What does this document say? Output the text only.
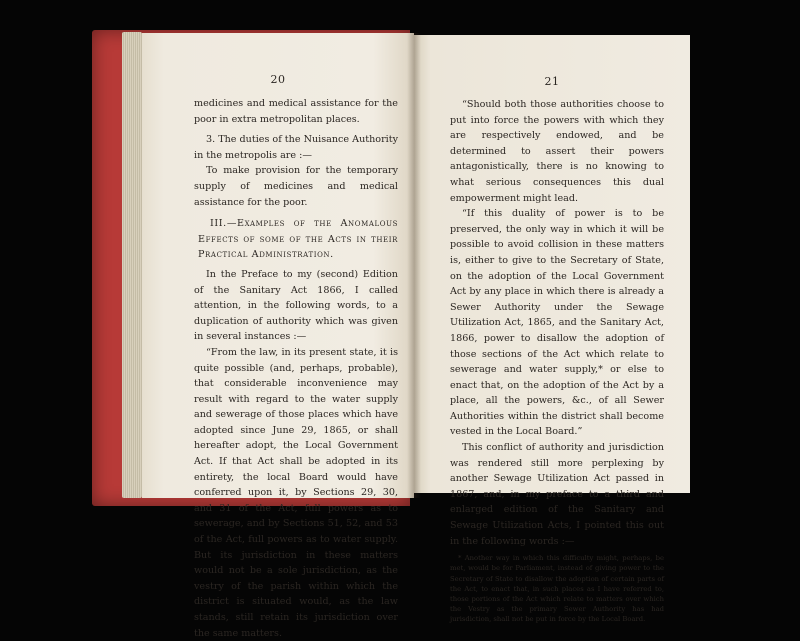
20

medicines and medical assistance for the poor in extra metropolitan places.

3. The duties of the Nuisance Authority in the metropolis are :—

To make provision for the temporary supply of medicines and medical assistance for the poor.

III.—Examples of the Anomalous Effects of some of the Acts in their Practical Administration.

In the Preface to my (second) Edition of the Sanitary Act 1866, I called attention, in the following words, to a duplication of authority which was given in several instances :—

“From the law, in its present state, it is quite possible (and, perhaps, probable), that considerable inconvenience may result with regard to the water supply and sewerage of those places which have adopted since June 29, 1865, or shall hereafter adopt, the Local Government Act. If that Act shall be adopted in its entirety, the local Board would have conferred upon it, by Sections 29, 30, and 31 of the Act, full powers as to sewerage, and by Sections 51, 52, and 53 of the Act, full powers as to water supply. But its jurisdiction in these matters would not be a sole jurisdiction, as the vestry of the parish within which the district is situated would, as the law stands, still retain its jurisdiction over the same matters.

21

“Should both those authorities choose to put into force the powers with which they are respectively endowed, and be determined to assert their powers antagonistically, there is no knowing to what serious consequences this dual empowerment might lead.

“If this duality of power is to be preserved, the only way in which it will be possible to avoid collision in these matters is, either to give to the Secretary of State, on the adoption of the Local Government Act by any place in which there is already a Sewer Authority under the Sewage Utilization Act, 1865, and the Sanitary Act, 1866, power to disallow the adoption of those sections of the Act which relate to sewerage and water supply,* or else to enact that, on the adoption of the Act by a place, all the powers, &c., of all Sewer Authorities within the district shall become vested in the Local Board.”

This conflict of authority and jurisdiction was rendered still more perplexing by another Sewage Utilization Act passed in 1867, and, in my preface to a third and enlarged edition of the Sanitary and Sewage Utilization Acts, I pointed this out in the following words :—

* Another way in which this difficulty might, perhaps, be met, would be for Parliament, instead of giving power to the Secretary of State to disallow the adoption of certain parts of the Act, to enact that, in such places as I have referred to, those portions of the Act which relate to matters over which the Vestry as the primary Sewer Authority has had jurisdiction, shall not be put in force by the Local Board.
